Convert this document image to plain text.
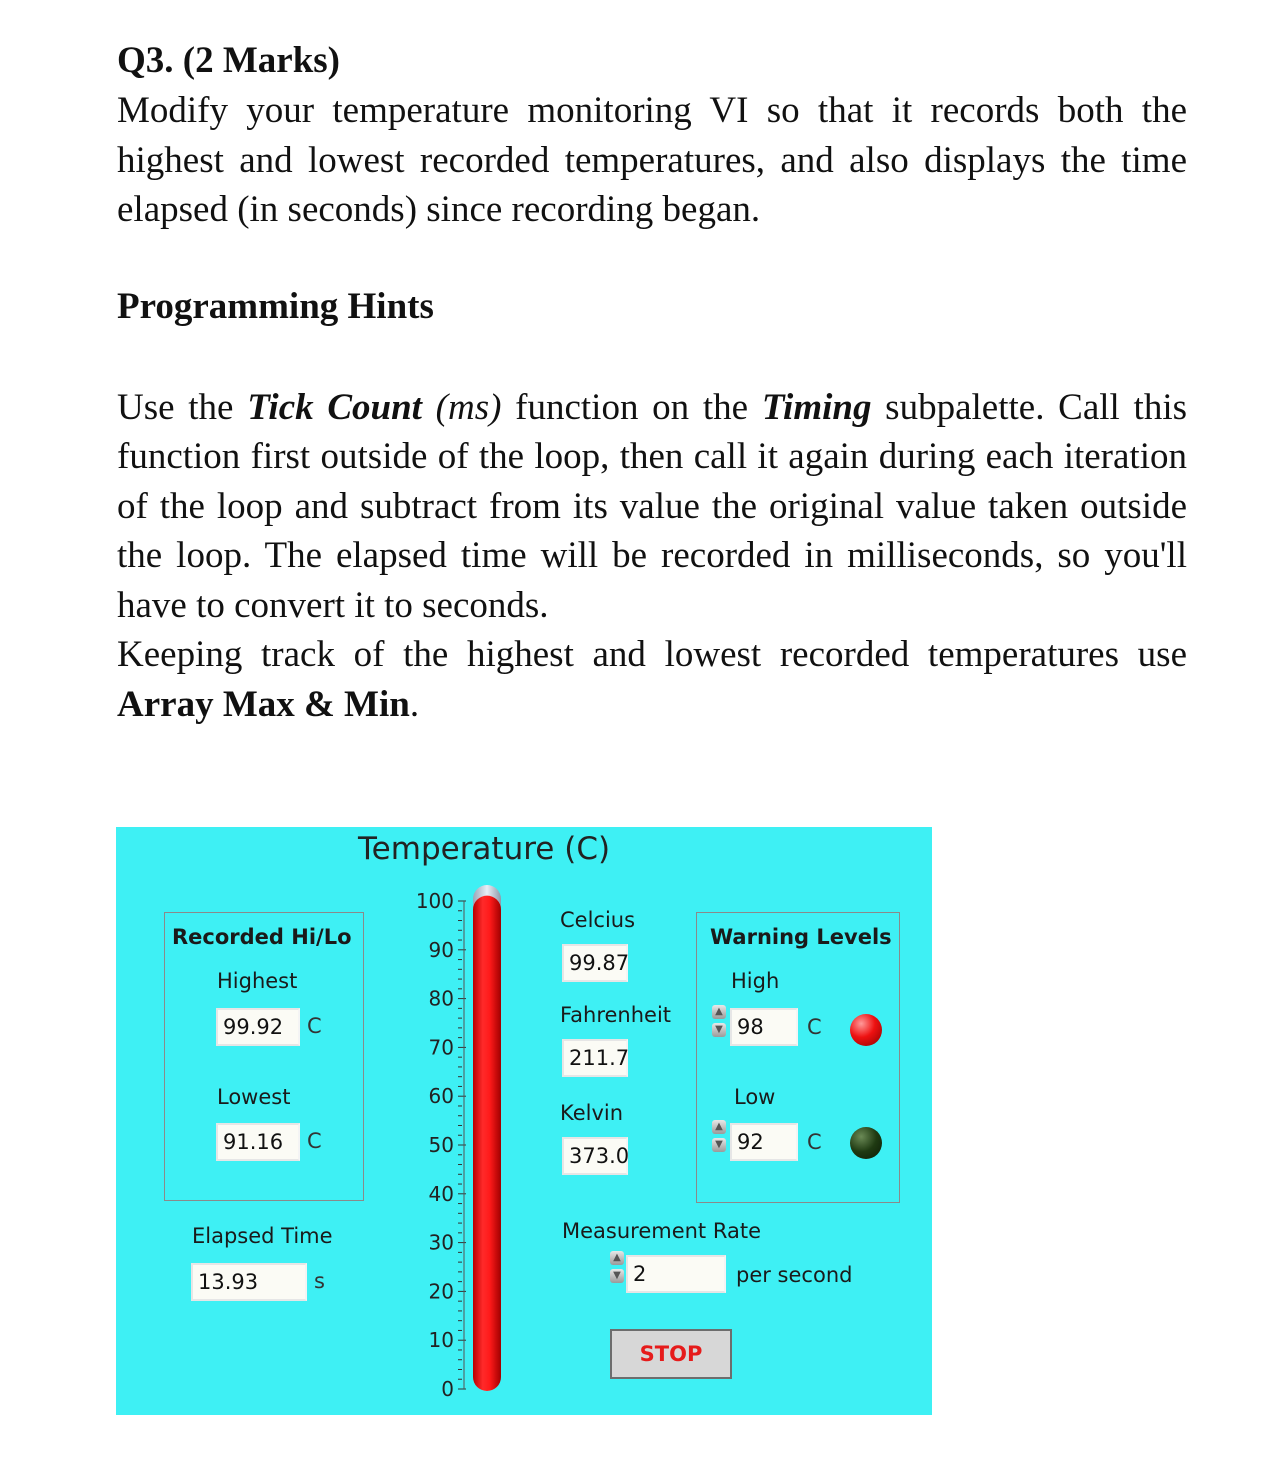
Q3. (2 Marks)

Modify your temperature monitoring VI so that it records both the highest and lowest recorded temperatures, and also displays the time elapsed (in seconds) since recording began.

Programming Hints

Use the Tick Count (ms) function on the Timing subpalette. Call this function first outside of the loop, then call it again during each iteration of the loop and subtract from its value the original value taken outside the loop. The elapsed time will be recorded in milliseconds, so you'll have to convert it to seconds.

Keeping track of the highest and lowest recorded temperatures use Array Max & Min.

Temperature (C)
100
90
80
70
60
50
40
30
20
10
0
Recorded Hi/Lo
Highest
99.92	C
Lowest
91.16	C
Elapsed Time
13.93	s
Celcius
99.87
Fahrenheit
211.7
Kelvin
373.0
Warning Levels
High
▲
▼
98	C
Low
▲
▼
92	C
Measurement Rate
▲
▼
2	per second
STOP
